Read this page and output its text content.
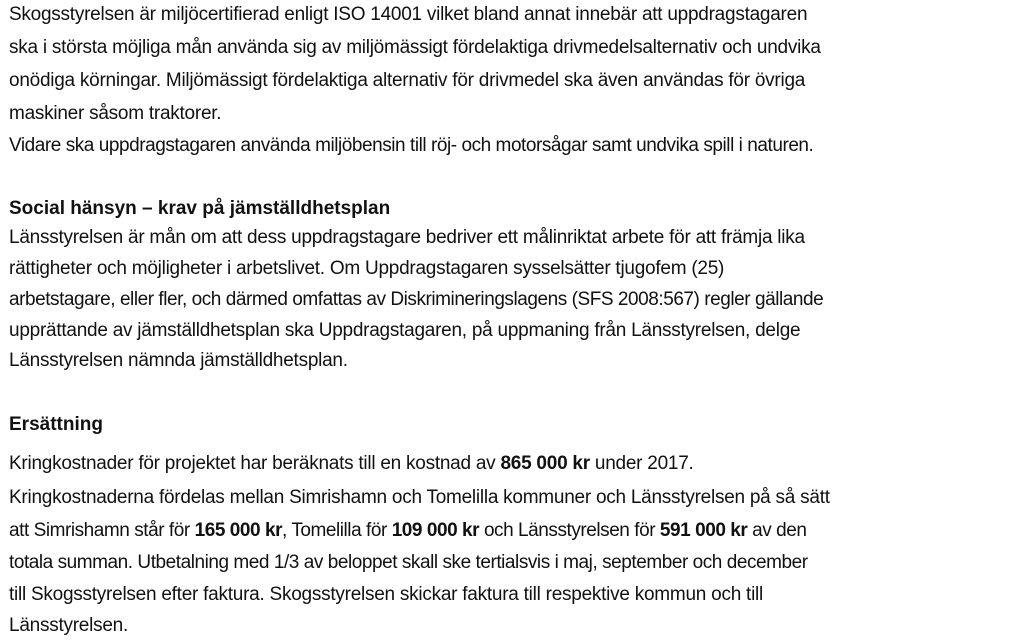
Skogsstyrelsen är miljöcertifierad enligt ISO 14001 vilket bland annat innebär att uppdragstagaren
ska i största möjliga mån använda sig av miljömässigt fördelaktiga drivmedelsalternativ och undvika
onödiga körningar. Miljömässigt fördelaktiga alternativ för drivmedel ska även användas för övriga
maskiner såsom traktorer.
Vidare ska uppdragstagaren använda miljöbensin till röj- och motorsågar samt undvika spill i naturen.
Social hänsyn – krav på jämställdhetsplan
Länsstyrelsen är mån om att dess uppdragstagare bedriver ett målinriktat arbete för att främja lika
rättigheter och möjligheter i arbetslivet. Om Uppdragstagaren sysselsätter tjugofem (25)
arbetstagare, eller fler, och därmed omfattas av Diskrimineringslagens (SFS 2008:567) regler gällande
upprättande av jämställdhetsplan ska Uppdragstagaren, på uppmaning från Länsstyrelsen, delge
Länsstyrelsen nämnda jämställdhetsplan.
Ersättning
Kringkostnader för projektet har beräknats till en kostnad av 865 000 kr under 2017.
Kringkostnaderna fördelas mellan Simrishamn och Tomelilla kommuner och Länsstyrelsen på så sätt
att Simrishamn står för 165 000 kr, Tomelilla för 109 000 kr och Länsstyrelsen för 591 000 kr av den
totala summan. Utbetalning med 1/3 av beloppet skall ske tertialsvis i maj, september och december
till Skogsstyrelsen efter faktura. Skogsstyrelsen skickar faktura till respektive kommun och till
Länsstyrelsen.
